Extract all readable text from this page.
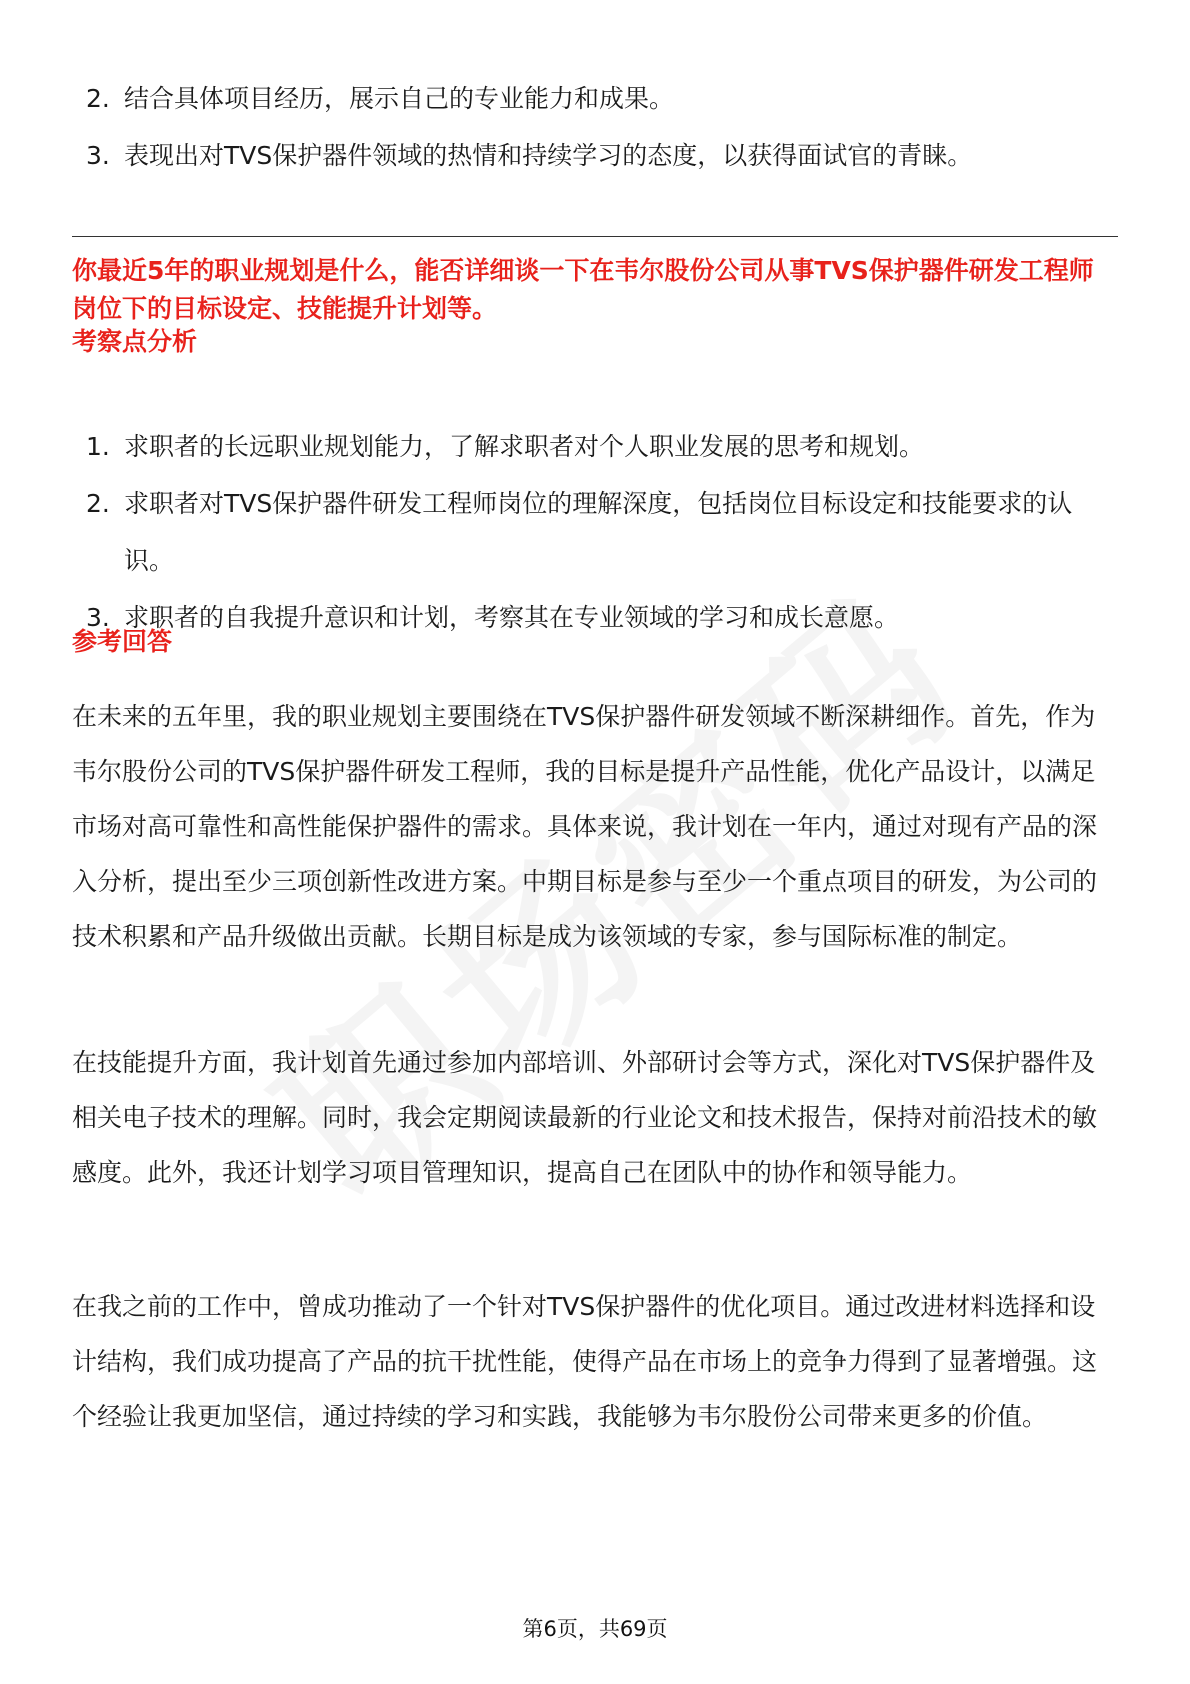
2. 结合具体项目经历，展示自己的专业能力和成果。
3. 表现出对TVS保护器件领域的热情和持续学习的态度，以获得面试官的青睐。
你最近5年的职业规划是什么，能否详细谈一下在韦尔股份公司从事TVS保护器件研发工程师岗位下的目标设定、技能提升计划等。
考察点分析
1. 求职者的长远职业规划能力，了解求职者对个人职业发展的思考和规划。
2. 求职者对TVS保护器件研发工程师岗位的理解深度，包括岗位目标设定和技能要求的认识。
3. 求职者的自我提升意识和计划，考察其在专业领域的学习和成长意愿。
参考回答

在未来的五年里，我的职业规划主要围绕在TVS保护器件研发领域不断深耕细作。首先，作为韦尔股份公司的TVS保护器件研发工程师，我的目标是提升产品性能，优化产品设计，以满足市场对高可靠性和高性能保护器件的需求。具体来说，我计划在一年内，通过对现有产品的深入分析，提出至少三项创新性改进方案。中期目标是参与至少一个重点项目的研发，为公司的技术积累和产品升级做出贡献。长期目标是成为该领域的专家，参与国际标准的制定。

在技能提升方面，我计划首先通过参加内部培训、外部研讨会等方式，深化对TVS保护器件及相关电子技术的理解。同时，我会定期阅读最新的行业论文和技术报告，保持对前沿技术的敏感度。此外，我还计划学习项目管理知识，提高自己在团队中的协作和领导能力。

在我之前的工作中，曾成功推动了一个针对TVS保护器件的优化项目。通过改进材料选择和设计结构，我们成功提高了产品的抗干扰性能，使得产品在市场上的竞争力得到了显著增强。这个经验让我更加坚信，通过持续的学习和实践，我能够为韦尔股份公司带来更多的价值。

第6页，共69页
